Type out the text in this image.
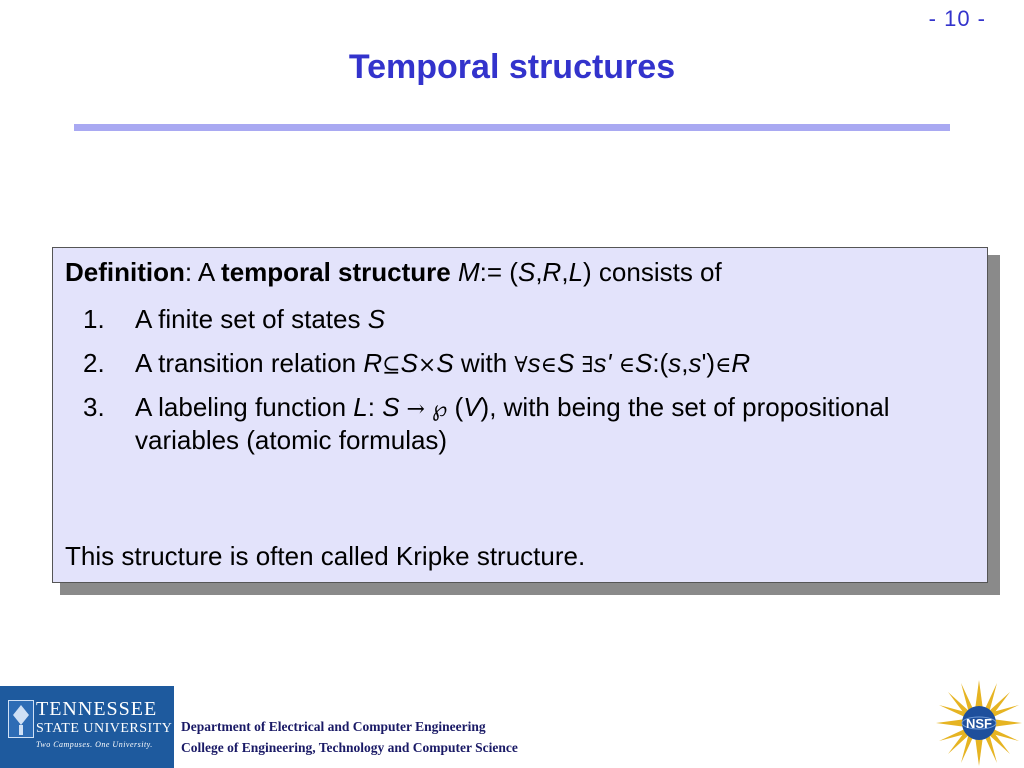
- 10 -
Temporal structures
Definition: A temporal structure M:= (S,R,L) consists of
1. A finite set of states S
2. A transition relation R⊆S×S with ∀s∈S ∃s' ∈S:(s,s')∈R
3. A labeling function L: S → ℘ (V), with being the set of propositional variables (atomic formulas)
This structure is often called Kripke structure.
TENNESSEE
STATE UNIVERSITY
Two Campuses. One University.
Department of Electrical and Computer Engineering
College of Engineering, Technology and Computer Science
NSF
